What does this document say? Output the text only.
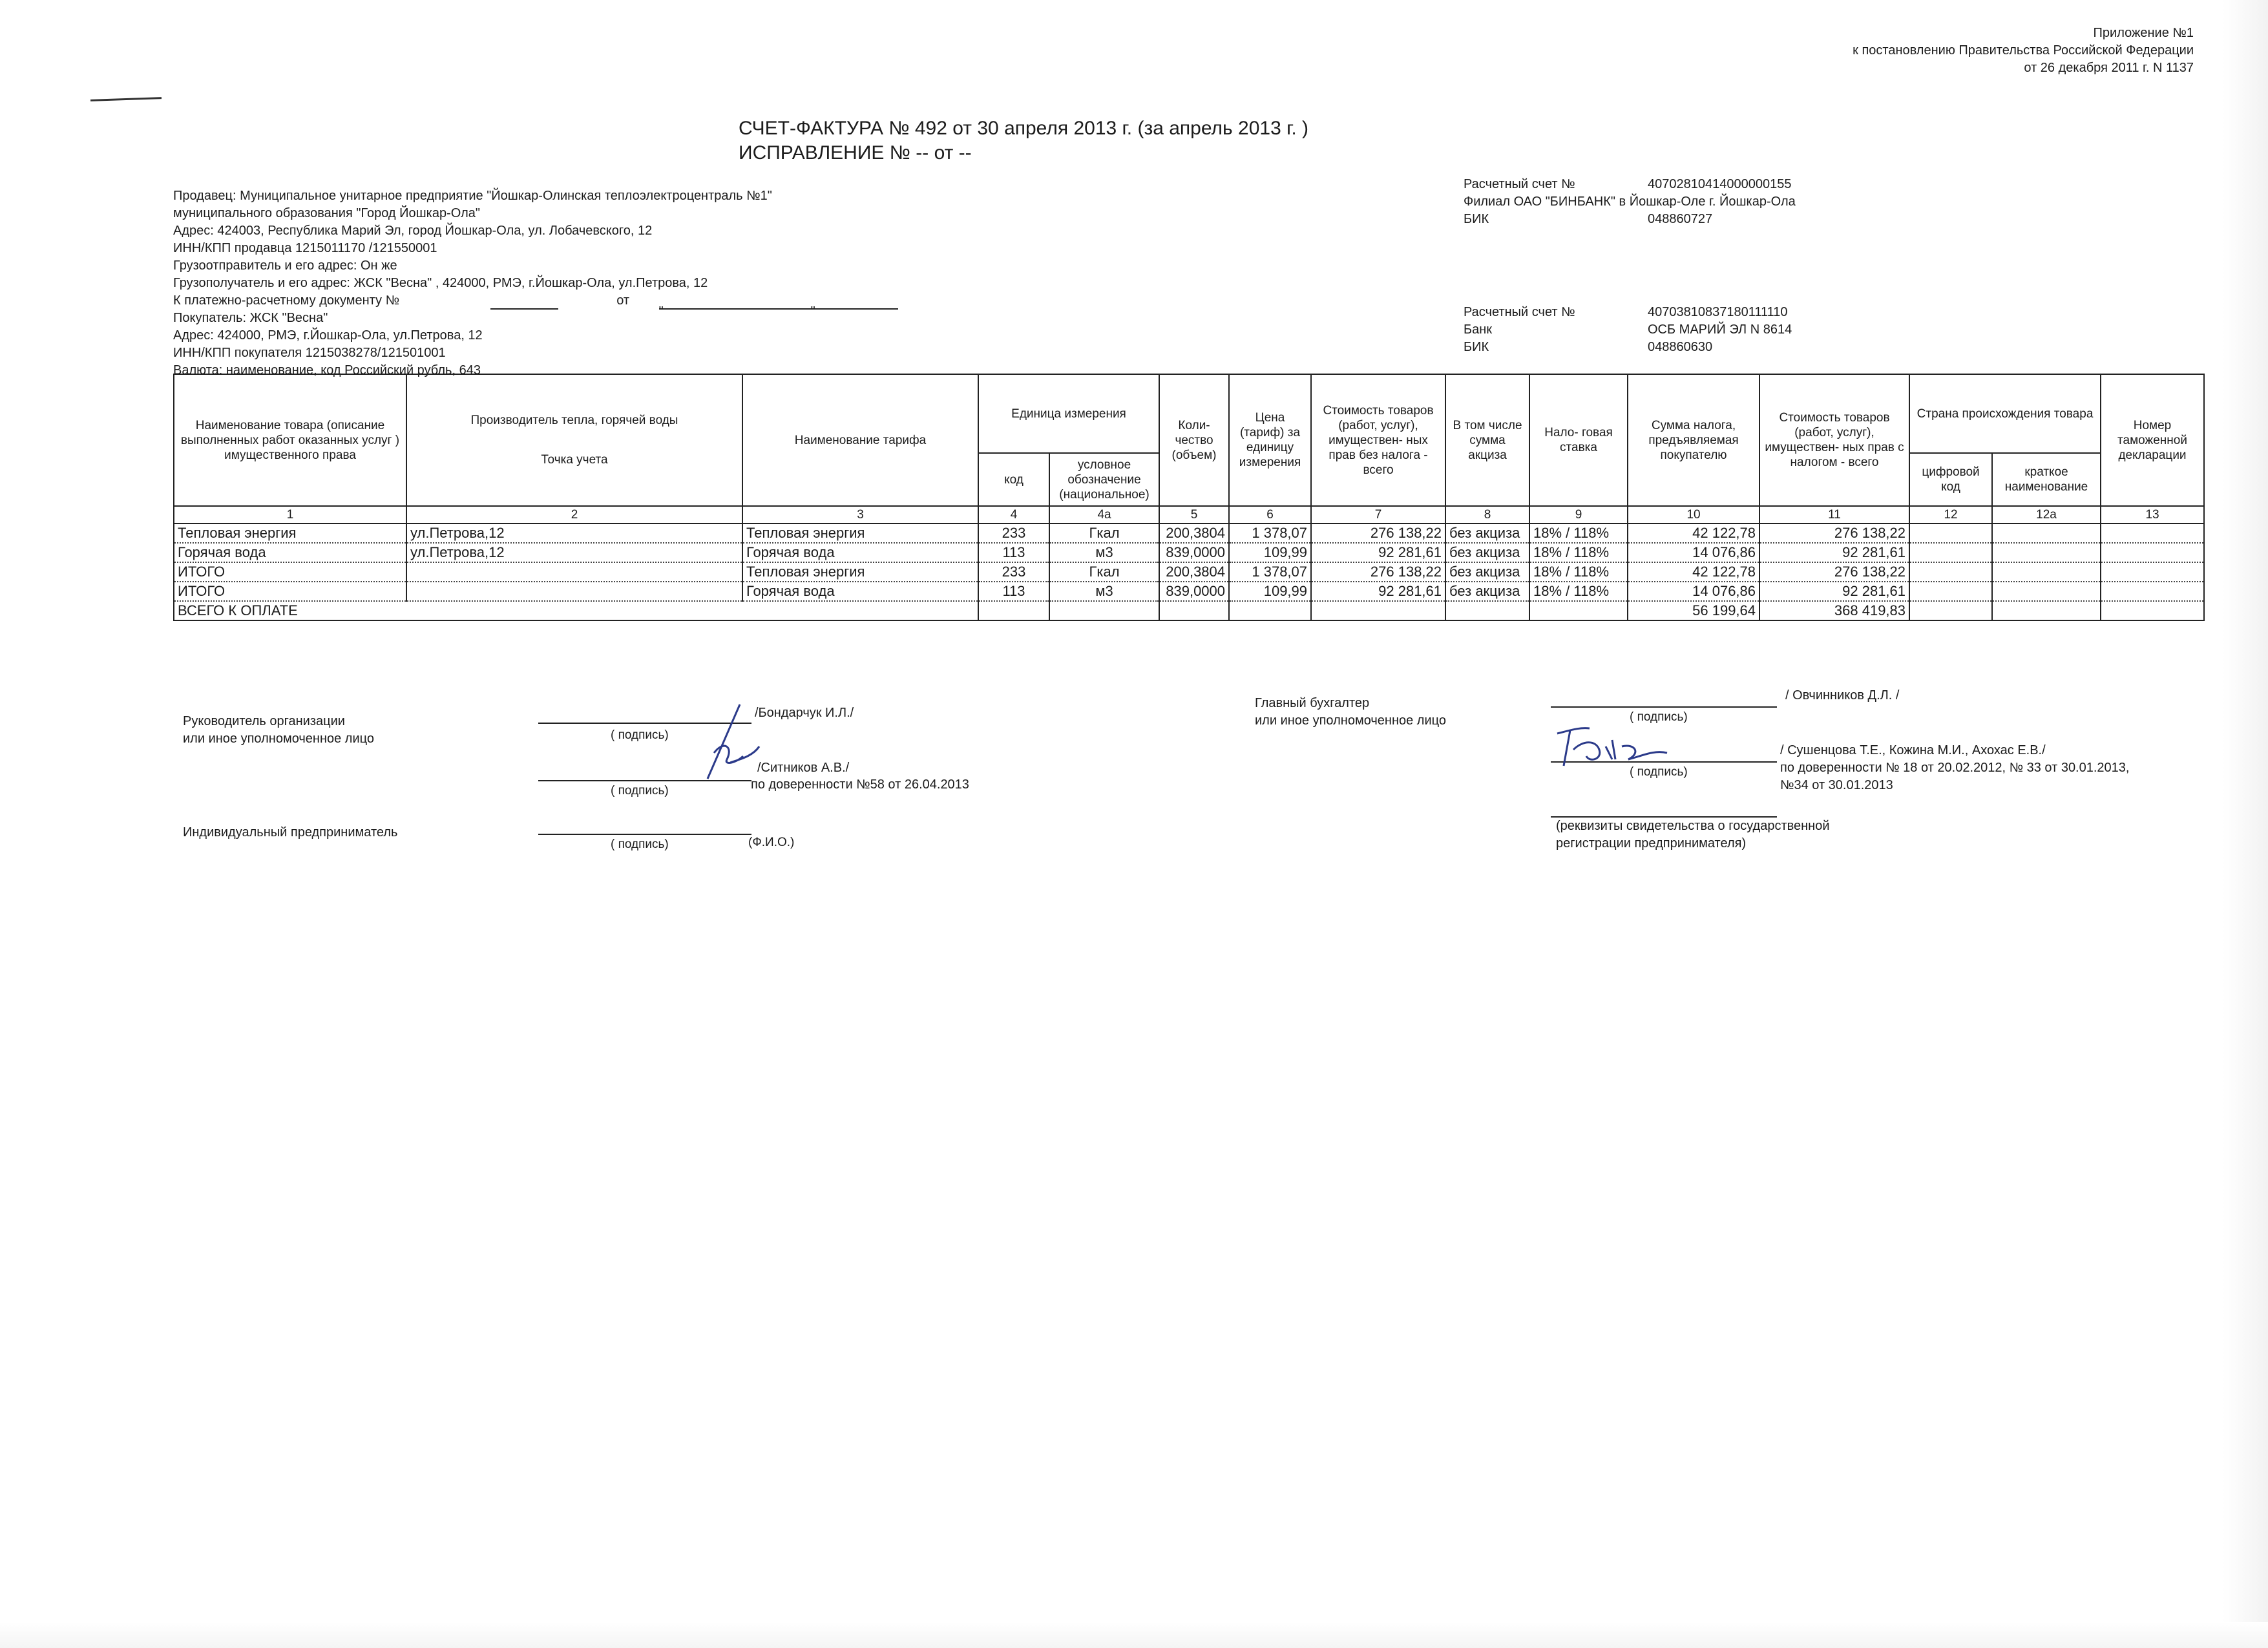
Приложение №1
к постановлению Правительства Российской Федерации
от 26 декабря 2011 г. N 1137
СЧЕТ-ФАКТУРА № 492 от 30 апреля 2013 г. (за апрель 2013 г. )
ИСПРАВЛЕНИЕ № -- от --
Продавец: Муниципальное унитарное предприятие "Йошкар-Олинская теплоэлектроцентраль №1"
муниципального образования "Город Йошкар-Ола"
Адрес: 424003, Республика Марий Эл, город Йошкар-Ола, ул. Лобачевского, 12
ИНН/КПП продавца 1215011170 /121550001
Грузоотправитель и его адрес: Он же
Грузополучатель и его адрес: ЖСК "Весна" , 424000, РМЭ, г.Йошкар-Ола, ул.Петрова, 12
К платежно-расчетному документу №	от
"	"
Покупатель: ЖСК "Весна"
Адрес: 424000, РМЭ, г.Йошкар-Ола, ул.Петрова, 12
ИНН/КПП покупателя 1215038278/121501001
Валюта: наименование, код Российский рубль, 643
Расчетный счет №	40702810414000000155
Филиал ОАО "БИНБАНК" в Йошкар-Оле г. Йошкар-Ола
БИК	048860727
Расчетный счет №	40703810837180111110
Банк	ОСБ МАРИЙ ЭЛ N 8614
БИК	048860630
Наименование товара (описание выполненных работ оказанных услуг ) имущественного права	Производитель тепла, горячей воды
Точка учета	Наименование тарифа	Единица измерения		Коли- чество (объем)	Цена (тариф) за единицу измерения	Стоимость товаров (работ, услуг), имуществен- ных прав без налога - всего	В том числе сумма акциза	Нало- говая ставка	Сумма налога, предъявляемая покупателю	Стоимость товаров (работ, услуг), имуществен- ных прав с налогом - всего	Страна происхождения товара		Номер таможенной декларации
			код	условное обозначение (национальное)								цифровой код	краткое наименование	
1	2	3	4	4а	5	6	7	8	9	10	11	12	12а	13
Тепловая энергия	ул.Петрова,12	Тепловая энергия	233	Гкал	200,3804	1 378,07	276 138,22	без акциза	18% / 118%	42 122,78	276 138,22			
Горячая вода	ул.Петрова,12	Горячая вода	113	м3	839,0000	109,99	92 281,61	без акциза	18% / 118%	14 076,86	92 281,61			
ИТОГО		Тепловая энергия	233	Гкал	200,3804	1 378,07	276 138,22	без акциза	18% / 118%	42 122,78	276 138,22			
ИТОГО		Горячая вода	113	м3	839,0000	109,99	92 281,61	без акциза	18% / 118%	14 076,86	92 281,61			
ВСЕГО К ОПЛАТЕ										56 199,64	368 419,83			
Руководитель организации
или иное уполномоченное лицо
/Бондарчук И.Л./
( подпись)
/Ситников А.В./
( подпись)	по доверенности №58 от 26.04.2013
Индивидуальный предприниматель
( подпись)	(Ф.И.О.)
Главный бухгалтер
или иное уполномоченное лицо
/ Овчинников Д.Л. /
( подпись)
( подпись)
/ Сушенцова Т.Е., Кожина М.И., Ахохас Е.В./
по доверенности № 18 от 20.02.2012, № 33 от 30.01.2013,
№34 от 30.01.2013
(реквизиты свидетельства о государственной
регистрации предпринимателя)
